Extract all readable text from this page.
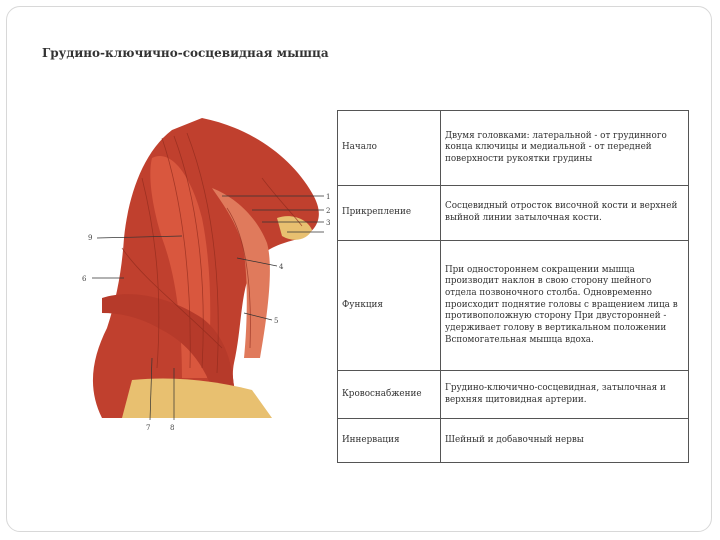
Грудино-ключично-сосцевидная мышца
1
2
3
4
5
6
7	8
9
Начало	Двумя головками: латеральной - от грудинного конца ключицы и медиальной - от передней поверхности рукоятки грудины
Прикрепление	Сосцевидный отросток височной кости и верхней выйной линии затылочная кости.
Функция	При одностороннем сокращении мышца производит наклон в свою сторону шейного отдела позвоночного столба. Одновременно происходит поднятие головы с вращением лица в противоположную сторону При двусторонней - удерживает голову в вертикальном положении Вспомогательная мышца вдоха.
Кровоснабжение	Грудино-ключично-сосцевидная, затылочная и верхняя щитовидная артерии.
Иннервация	Шейный и добавочный нервы
